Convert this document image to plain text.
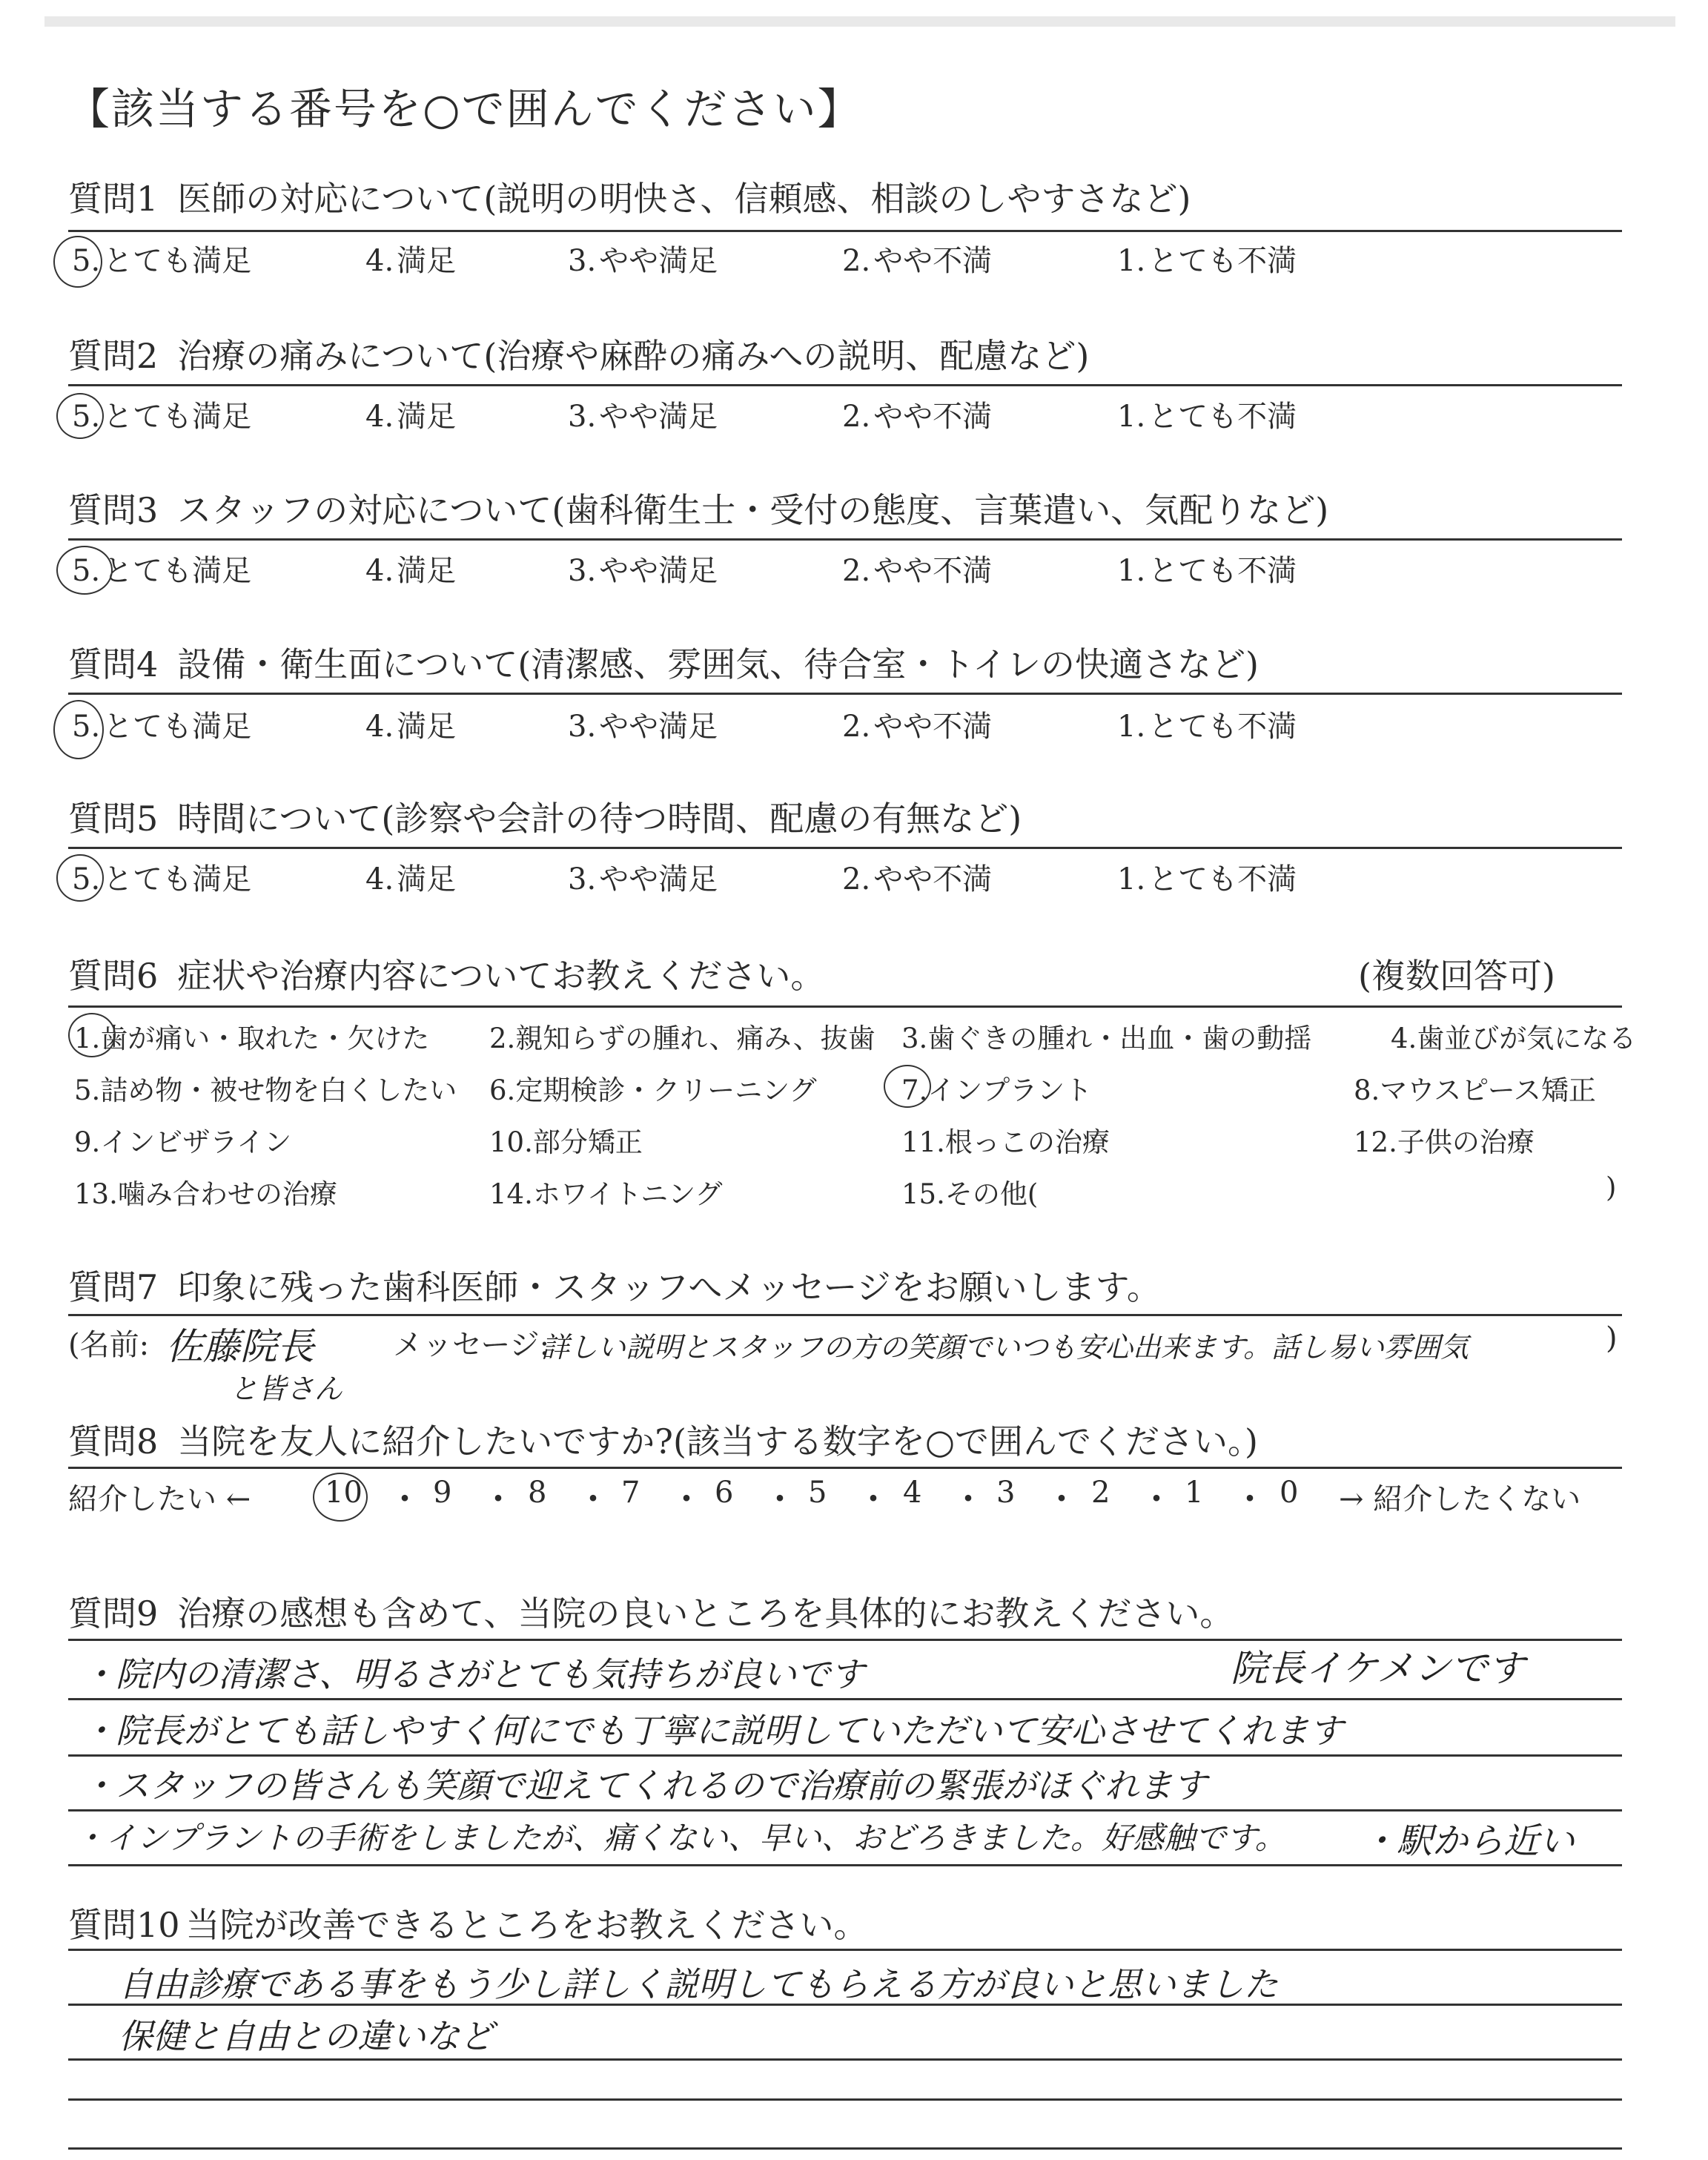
【該当する番号を○で囲んでください】
質問1 医師の対応について(説明の明快さ、信頼感、相談のしやすさなど)
5. とても満足	4. 満足	3. やや満足	2. やや不満	1. とても不満
質問2 治療の痛みについて(治療や麻酔の痛みへの説明、配慮など)
5. とても満足	4. 満足	3. やや満足	2. やや不満	1. とても不満
質問3 スタッフの対応について(歯科衛生士・受付の態度、言葉遣い、気配りなど)
5. とても満足	4. 満足	3. やや満足	2. やや不満	1. とても不満
質問4 設備・衛生面について(清潔感、雰囲気、待合室・トイレの快適さなど)
5. とても満足	4. 満足	3. やや満足	2. やや不満	1. とても不満
質問5 時間について(診察や会計の待つ時間、配慮の有無など)
5. とても満足	4. 満足	3. やや満足	2. やや不満	1. とても不満
質問6 症状や治療内容についてお教えください。	(複数回答可)
1.歯が痛い・取れた・欠けた 2.親知らずの腫れ、痛み、抜歯 3.歯ぐきの腫れ・出血・歯の動揺	4.歯並びが気になる
5.詰め物・被せ物を白くしたい 6.定期検診・クリーニング	7.インプラント	8.マウスピース矯正
9.インビザライン	10.部分矯正	11.根っこの治療	12.子供の治療
13.噛み合わせの治療	14.ホワイトニング	15.その他(	)
質問7 印象に残った歯科医師・スタッフへメッセージをお願いします。
(名前:	メッセージ:	)
佐藤院長
と皆さん
詳しい説明とスタッフの方の笑顔でいつも安心出来ます。話し易い雰囲気
質問8 当院を友人に紹介したいですか?(該当する数字を○で囲んでください。)
紹介したい ← 10 ・ 9 ・ 8 ・ 7 ・ 6 ・ 5 ・ 4 ・ 3 ・ 2 ・ 1 ・ 0 → 紹介したくない
質問9 治療の感想も含めて、当院の良いところを具体的にお教えください。
・院内の清潔さ、明るさがとても気持ちが良いです	院長イケメンです
・院長がとても話しやすく何にでも丁寧に説明していただいて安心させてくれます
・スタッフの皆さんも笑顔で迎えてくれるので治療前の緊張がほぐれます
・インプラントの手術をしましたが、痛くない、早い、おどろきました。好感触です。 ・駅から近い
質問10 当院が改善できるところをお教えください。
自由診療である事をもう少し詳しく説明してもらえる方が良いと思いました
保健と自由との違いなど
